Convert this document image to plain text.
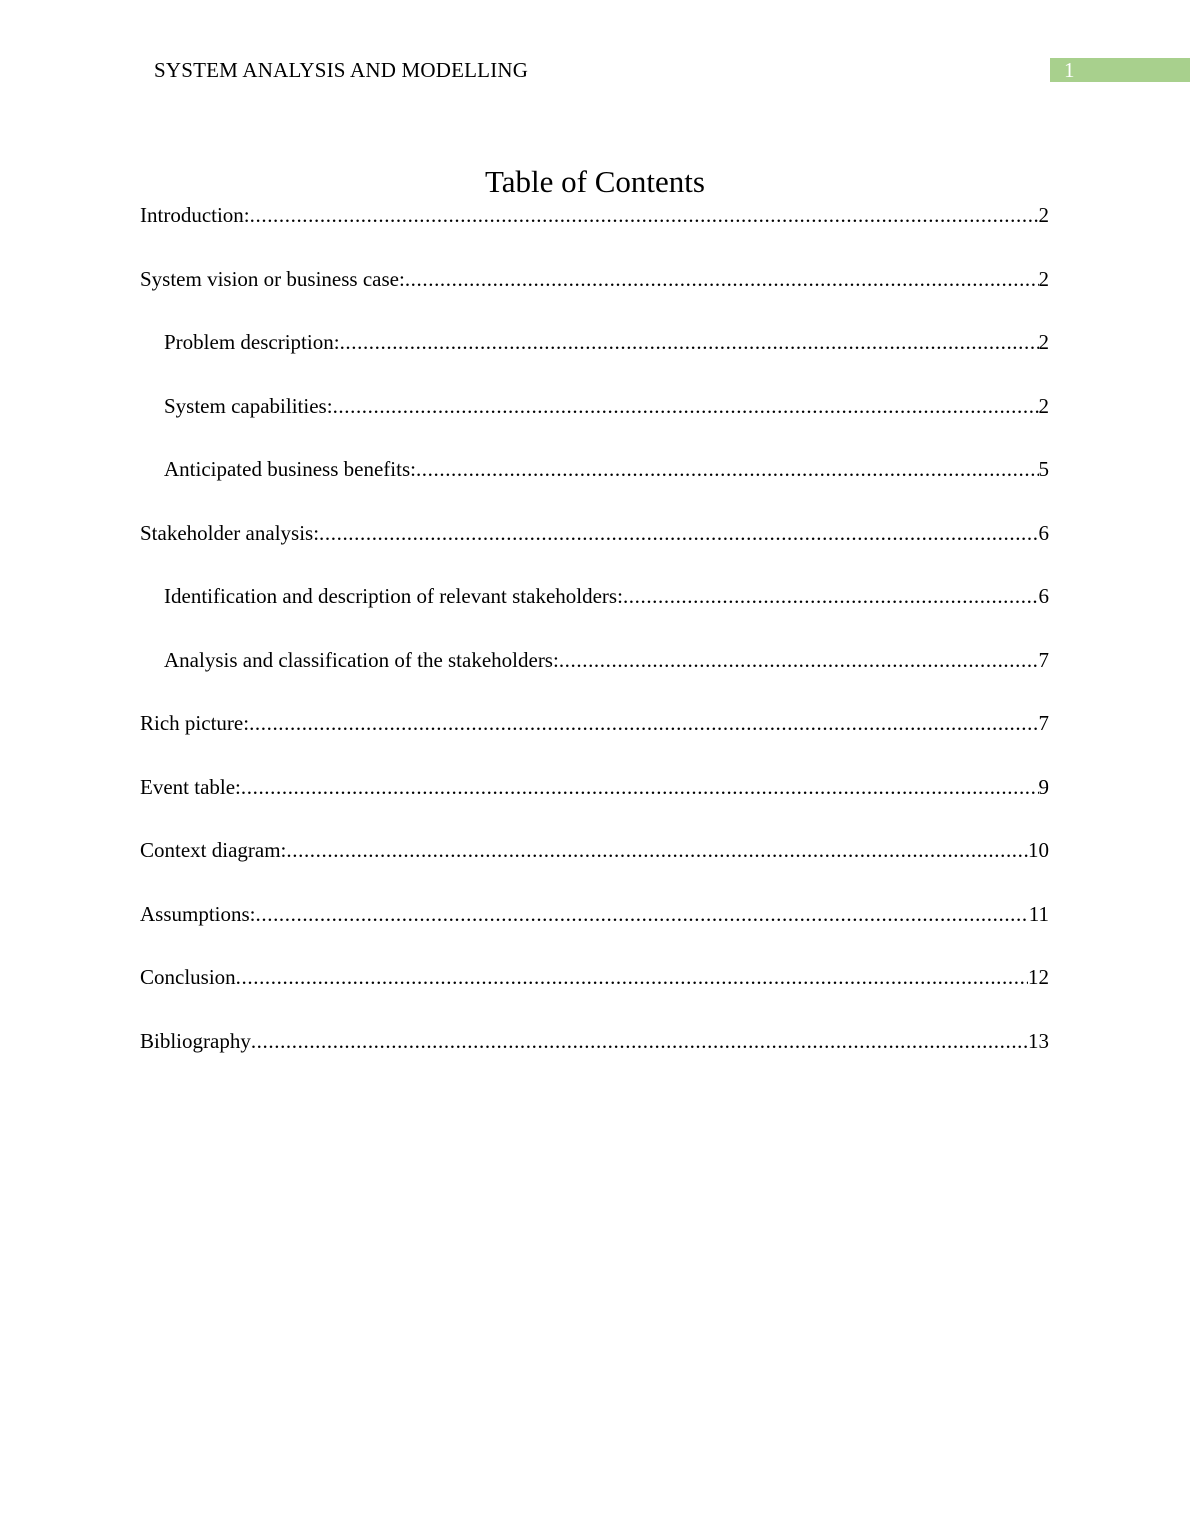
SYSTEM ANALYSIS AND MODELLING	1
Table of Contents
Introduction: .....	2
System vision or business case: .....	2
Problem description: .....	2
System capabilities: .....	2
Anticipated business benefits: .....	5
Stakeholder analysis: .....	6
Identification and description of relevant stakeholders: .....	6
Analysis and classification of the stakeholders: .....	7
Rich picture: .....	7
Event table: .....	9
Context diagram: .....	10
Assumptions: .....	11
Conclusion .....	12
Bibliography .....	13
